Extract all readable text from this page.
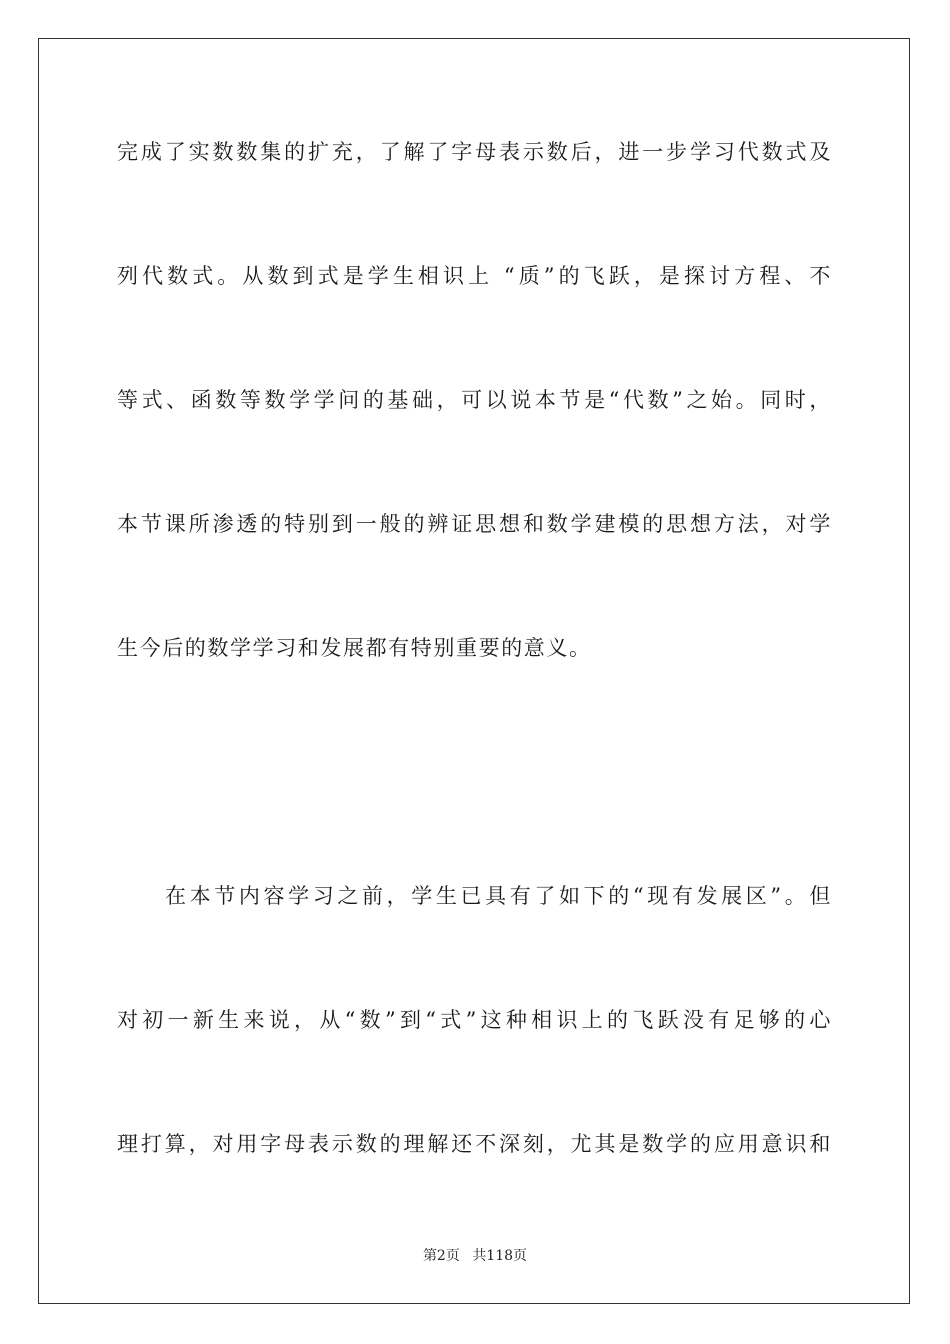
完成了实数数集的扩充，了解了字母表示数后，进一步学习代数式及
列代数式。从数到式是学生相识上 “质”的飞跃，是探讨方程、不
等式、函数等数学学问的基础，可以说本节是“代数”之始。同时，
本节课所渗透的特别到一般的辨证思想和数学建模的思想方法，对学
生今后的数学学习和发展都有特别重要的意义。
在本节内容学习之前，学生已具有了如下的“现有发展区”。但
对初一新生来说，从“数”到“式”这种相识上的飞跃没有足够的心
理打算，对用字母表示数的理解还不深刻，尤其是数学的应用意识和
第2页 共118页
